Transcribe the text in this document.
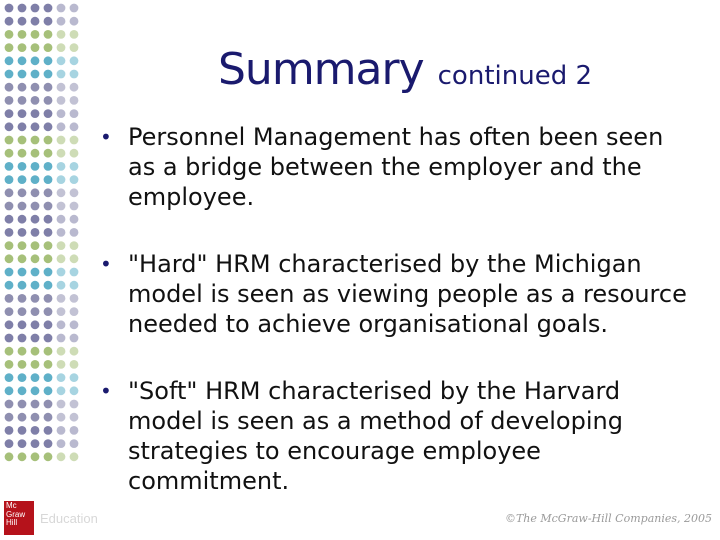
Summary continued 2
• Personnel Management has often been seen as a bridge between the employer and the employee.
• "Hard" HRM characterised by the Michigan model is seen as viewing people as a resource needed to achieve organisational goals.
• "Soft" HRM characterised by the Harvard model is seen as a method of developing strategies to encourage employee commitment.
Mc
Graw
Hill	Education	©The McGraw-Hill Companies, 2005
